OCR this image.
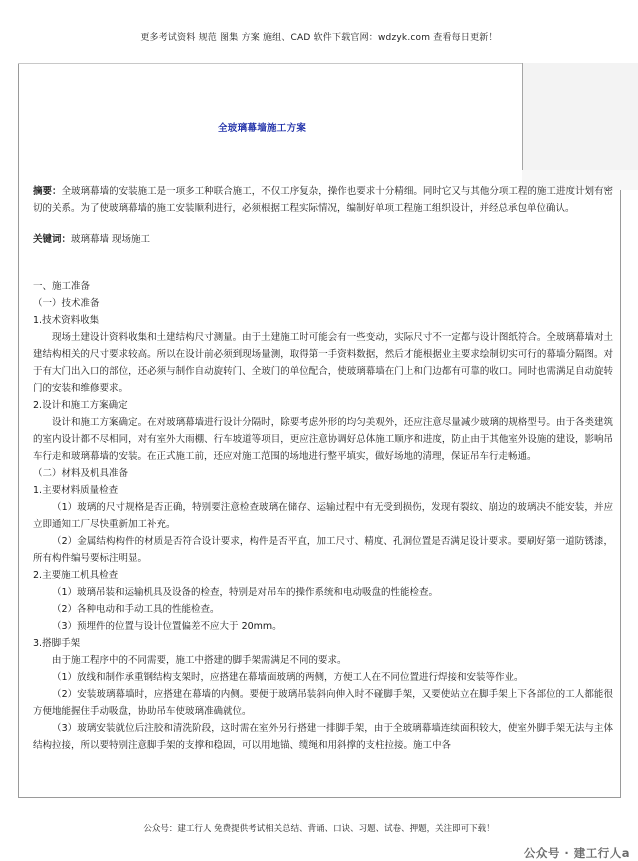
更多考试资料 规范 图集 方案 施组、CAD 软件下载官网：wdzyk.com 查看每日更新！
全玻璃幕墙施工方案

摘要：全玻璃幕墙的安装施工是一项多工种联合施工，不仅工序复杂，操作也要求十分精细。同时它又与其他分项工程的施工进度计划有密切的关系。为了使玻璃幕墙的施工安装顺利进行，必须根据工程实际情况，编制好单项工程施工组织设计，并经总承包单位确认。

关键词：玻璃幕墙 现场施工

一、施工准备

（一）技术准备

1.技术资料收集

现场土建设计资料收集和土建结构尺寸测量。由于土建施工时可能会有一些变动，实际尺寸不一定都与设计图纸符合。全玻璃幕墙对土建结构相关的尺寸要求较高。所以在设计前必须到现场量测，取得第一手资料数据，然后才能根据业主要求绘制切实可行的幕墙分隔图。对于有大门出入口的部位，还必须与制作自动旋转门、全玻门的单位配合，使玻璃幕墙在门上和门边都有可靠的收口。同时也需满足自动旋转门的安装和维修要求。

2.设计和施工方案确定

设计和施工方案确定。在对玻璃幕墙进行设计分隔时，除要考虑外形的均匀美观外，还应注意尽量减少玻璃的规格型号。由于各类建筑的室内设计都不尽相同，对有室外大雨棚、行车坡道等项目，更应注意协调好总体施工顺序和进度，防止由于其他室外设施的建设，影响吊车行走和玻璃幕墙的安装。在正式施工前，还应对施工范围的场地进行整平填实，做好场地的清理，保证吊车行走畅通。

（二）材料及机具准备

1.主要材料质量检查

（1）玻璃的尺寸规格是否正确，特别要注意检查玻璃在储存、运输过程中有无受到损伤，发现有裂纹、崩边的玻璃决不能安装，并应立即通知工厂尽快重新加工补充。

（2）金属结构构件的材质是否符合设计要求，构件是否平直，加工尺寸、精度、孔洞位置是否满足设计要求。要刷好第一道防锈漆，所有构件编号要标注明显。

2.主要施工机具检查

（1）玻璃吊装和运输机具及设备的检查，特别是对吊车的操作系统和电动吸盘的性能检查。

（2）各种电动和手动工具的性能检查。

（3）预埋件的位置与设计位置偏差不应大于 20mm。

3.搭脚手架

由于施工程序中的不同需要，施工中搭建的脚手架需满足不同的要求。

（1）放线和制作承重钢结构支架时，应搭建在幕墙面玻璃的两侧，方便工人在不同位置进行焊接和安装等作业。

（2）安装玻璃幕墙时，应搭建在幕墙的内侧。要便于玻璃吊装斜向伸入时不碰脚手架，又要使站立在脚手架上下各部位的工人都能很方便地能握住手动吸盘，协助吊车使玻璃准确就位。

（3）玻璃安装就位后注胶和清洗阶段，这时需在室外另行搭建一排脚手架，由于全玻璃幕墙连续面积较大，使室外脚手架无法与主体结构拉接，所以要特别注意脚手架的支撑和稳固，可以用地锚、缆绳和用斜撑的支柱拉接。施工中各

公众号：建工行人 免费提供考试相关总结、背诵、口诀、习题、试卷、押题，关注即可下载！
公众号 · 建工行人a
